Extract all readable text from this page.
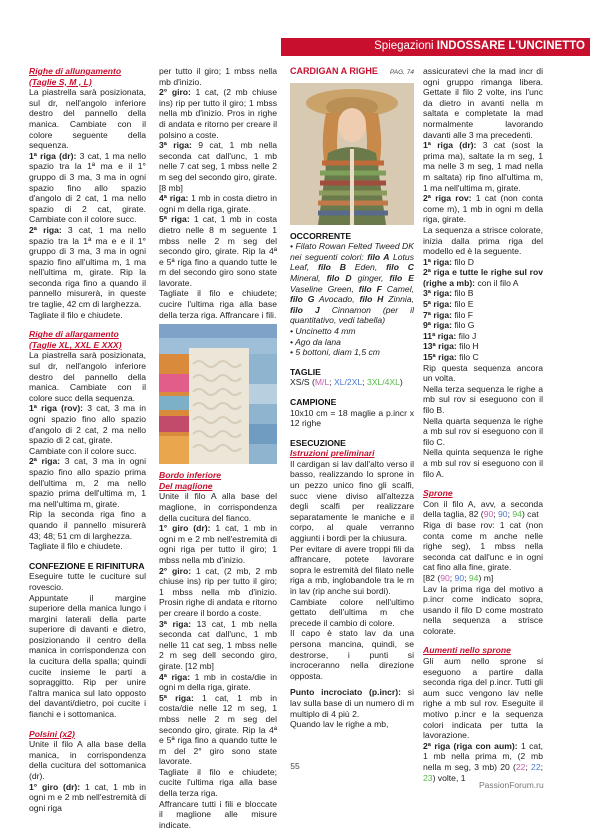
Spiegazioni INDOSSARE L'UNCINETTO

Righe di allungamento

(Taglie S, M , L)

La piastrella sarà posizionata, sul dr, nell'angolo inferiore destro del pannello della manica. Cambiate con il colore seguente della sequenza.

1ª riga (dr): 3 cat, 1 ma nello spazio tra la 1ª ma e il 1° gruppo di 3 ma, 3 ma in ogni spazio fino allo spazio d'angolo di 2 cat, 1 ma nello spazio di 2 cat, girate. Cambiate con il colore succ.

2ª riga: 3 cat, 1 ma nello spazio tra la 1ª ma e e il 1° gruppo di 3 ma, 3 ma in ogni spazio fino all'ultima m, 1 ma nell'ultima m, girate. Rip la seconda riga fino a quando il pannello misurerà, in queste tre taglie, 42 cm di larghezza.

Tagliate il filo e chiudete.

Righe di allargamento

(Taglie XL, XXL E XXX)

La piastrella sarà posizionata, sul dr, nell'angolo inferiore destro del pannello della manica. Cambiate con il colore succ della sequenza.

1ª riga (rov): 3 cat, 3 ma in ogni spazio fino allo spazio d'angolo di 2 cat, 2 ma nello spazio di 2 cat, girate.

Cambiate con il colore succ.

2ª riga: 3 cat, 3 ma in ogni spazio fino allo spazio prima dell'ultima m, 2 ma nello spazio prima dell'ultima m, 1 ma nell'ultima m, girate.

Rip la seconda riga fino a quando il pannello misurerà 43; 48; 51 cm di larghezza.

Tagliate il filo e chiudete.

CONFEZIONE E RIFINITURA

Eseguire tutte le cuciture sul rovescio.

Appuntate il margine superiore della manica lungo i margini laterali della parte superiore di davanti e dietro, posizionando il centro della manica in corrispondenza con la cucitura della spalla; quindi cucite insieme le parti a sopraggitto. Rip per unire l'altra manica sul lato opposto del davanti/dietro, poi cucite i fianchi e i sottomanica.

Polsini (x2)

Unite il filo A alla base della manica, in corrispondenza della cucitura del sottomanica (dr).

1° giro (dr): 1 cat, 1 mb in ogni m e 2 mb nell'estremità di ogni riga

per tutto il giro; 1 mbss nella mb d'inizio.

2° giro: 1 cat, (2 mb chiuse ins) rip per tutto il giro; 1 mbss nella mb d'inizio. Pros in righe di andata e ritorno per creare il polsino a coste.

3ª riga: 9 cat, 1 mb nella seconda cat dall'unc, 1 mb nelle 7 cat seg, 1 mbss nelle 2 m seg del secondo giro, girate. [8 mb]

4ª riga: 1 mb in costa dietro in ogni m della riga, girate.

5ª riga: 1 cat, 1 mb in costa dietro nelle 8 m seguente 1 mbss nelle 2 m seg del secondo giro, girate. Rip la 4ª e 5ª riga fino a quando tutte le m del secondo giro sono state lavorate.

Tagliate il filo e chiudete; cucire l'ultima riga alla base della terza riga. Affrancare i fili.

Bordo inferiore

Del maglione

Unite il filo A alla base del maglione, in corrispondenza della cucitura del fianco.

1° giro (dr): 1 cat, 1 mb in ogni m e 2 mb nell'estremità di ogni riga per tutto il giro; 1 mbss nella mb d'inizio.

2° giro: 1 cat, (2 mb, 2 mb chiuse ins) rip per tutto il giro; 1 mbss nella mb d'inizio. Prosin righe di andata e ritorno per creare il bordo a coste.

3ª riga: 13 cat, 1 mb nella seconda cat dall'unc, 1 mb nelle 11 cat seg, 1 mbss nelle 2 m seg dell secondo giro, girate. [12 mb]

4ª riga: 1 mb in costa/die in ogni m della riga, girate.

5ª riga: 1 cat, 1 mb in costa/die nelle 12 m seg, 1 mbss nelle 2 m seg del secondo giro, girate. Rip la 4ª e 5ª riga fino a quando tutte le m del 2° giro sono state lavorate.

Tagliate il filo e chiudete; cucite l'ultima riga alla base della terza riga.

Affrancare tutti i fili e bloccate il maglione alle misure indicate.

CARDIGAN A RIGHE PAG. 74

OCCORRENTE

• Filato Rowan Felted Tweed DK nei seguenti colori: filo A Lotus Leaf, filo B Eden, filo C Mineral, filo D ginger, filo E Vaseline Green, filo F Camel, filo G Avocado, filo H Zinnia, filo J Cinnamon (per il quantitativo, vedi tabella)

• Uncinetto 4 mm

• Ago da lana

• 5 bottoni, diam 1,5 cm

TAGLIE

XS/S (M/L; XL/2XL; 3XL/4XL)

CAMPIONE

10x10 cm = 18 maglie a p.incr x 12 righe

ESECUZIONE

Istruzioni preliminari

Il cardigan si lav dall'alto verso il basso, realizzando lo sprone in un pezzo unico fino gli scalfi, succ viene diviso all'altezza degli scalfi per realizzare separatamente le maniche e il corpo, al quale verranno aggiunti i bordi per la chiusura.

Per evitare di avere troppi fili da affrancare, potete lavorare sopra le estremità del filato nelle riga a mb, inglobandole tra le m in lav (rip anche sui bordi).

Cambiate colore nell'ultimo gettato dell'ultima m che precede il cambio di colore.

Il capo è stato lav da una persona mancina, quindi, se destrorse, i punti si incroceranno nella direzione opposta.

Punto incrociato (p.incr): si lav sulla base di un numero di m multiplo di 4 più 2.

Quando lav le righe a mb,

assicuratevi che la mad incr di ogni gruppo rimanga libera. Gettate il filo 2 volte, ins l'unc da dietro in avanti nella m saltata e completate la mad normalmente lavorando davanti alle 3 ma precedenti.

1ª riga (dr): 3 cat (sost la prima ma), saltate la m seg, 1 ma nelle 3 m seg, 1 mad nella m saltata) rip fino all'ultima m, 1 ma nell'ultima m, girate.

2ª riga rov: 1 cat (non conta come m), 1 mb in ogni m della riga, girate.

La sequenza a strisce colorate, inizia dalla prima riga del modello ed è la seguente.

1ª riga: filo D

2ª riga e tutte le righe sul rov (righe a mb): con il filo A

3ª riga: filo B

5ª riga: filo E

7ª riga: filo F

9ª riga: filo G

11ª riga: filo J

13ª riga: filo H

15ª riga: filo C

Rip questa sequenza ancora un volta.

Nella terza sequenza le righe a mb sul rov si eseguono con il filo B.

Nella quarta sequenza le righe a mb sul rov si eseguono con il filo C.

Nella quinta sequenza le righe a mb sul rov si eseguono con il filo A.

Sprone

Con il filo A, avv, a seconda della taglia, 82 (90; 90; 94) cat

Riga di base rov: 1 cat (non conta come m anche nelle righe seg), 1 mbss nella seconda cat dall'unc e in ogni cat fino alla fine, girate.

[82 (90; 90; 94) m]

Lav la prima riga del motivo a p.incr come indicato sopra, usando il filo D come mostrato nella sequenza a strisce colorate.

Aumenti nello sprone

Gli aum nello sprone si eseguono a partire dalla seconda riga del p.incr. Tutti gli aum succ vengono lav nelle righe a mb sul rov. Eseguite il motivo p.incr e la sequenza colori indicata per tutta la lavorazione.

2ª riga (riga con aum): 1 cat, 1 mb nella prima m, (2 mb nella m seg, 3 mb) 20 (22; 22; 23) volte, 1

55
PassionForum.ru
